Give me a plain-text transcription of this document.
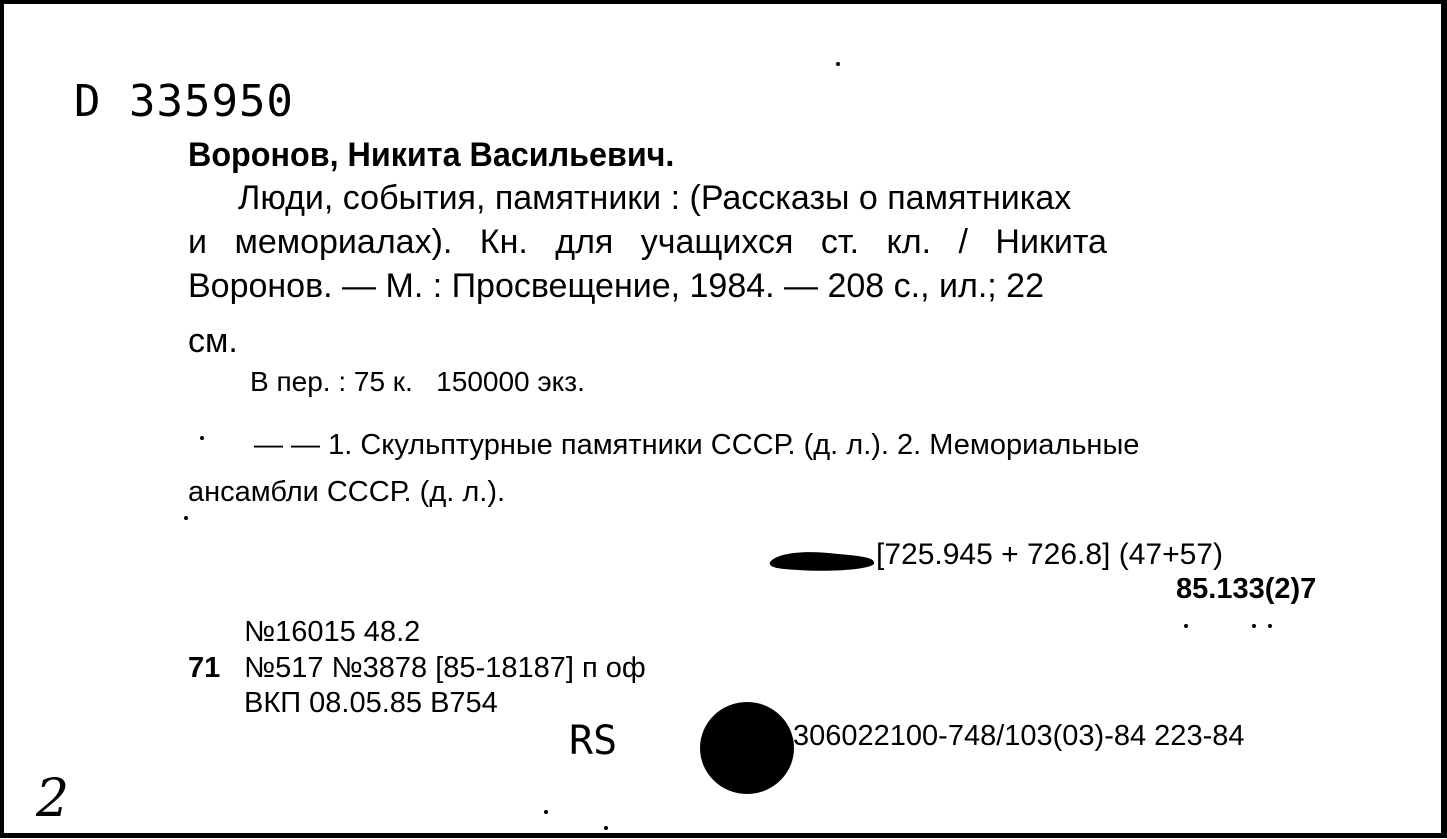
D 335950
Воронов, Никита Васильевич.
Люди, события, памятники : (Рассказы о памятниках
и мемориалах). Кн. для учащихся ст. кл. / Никита
Воронов. — М. : Просвещение, 1984. — 208 с., ил.; 22
см.
В пер. : 75 к.   150000 экз.
— — 1. Скульптурные памятники СССР. (д. л.). 2. Мемориальные
ансамбли СССР. (д. л.).
[725.945 + 726.8] (47+57)
85.133(2)7
№16015 48.2
71 №517 №3878 [85-18187] п оф
ВКП 08.05.85 В754
RS	306022100-748/103(03)-84 223-84
2
